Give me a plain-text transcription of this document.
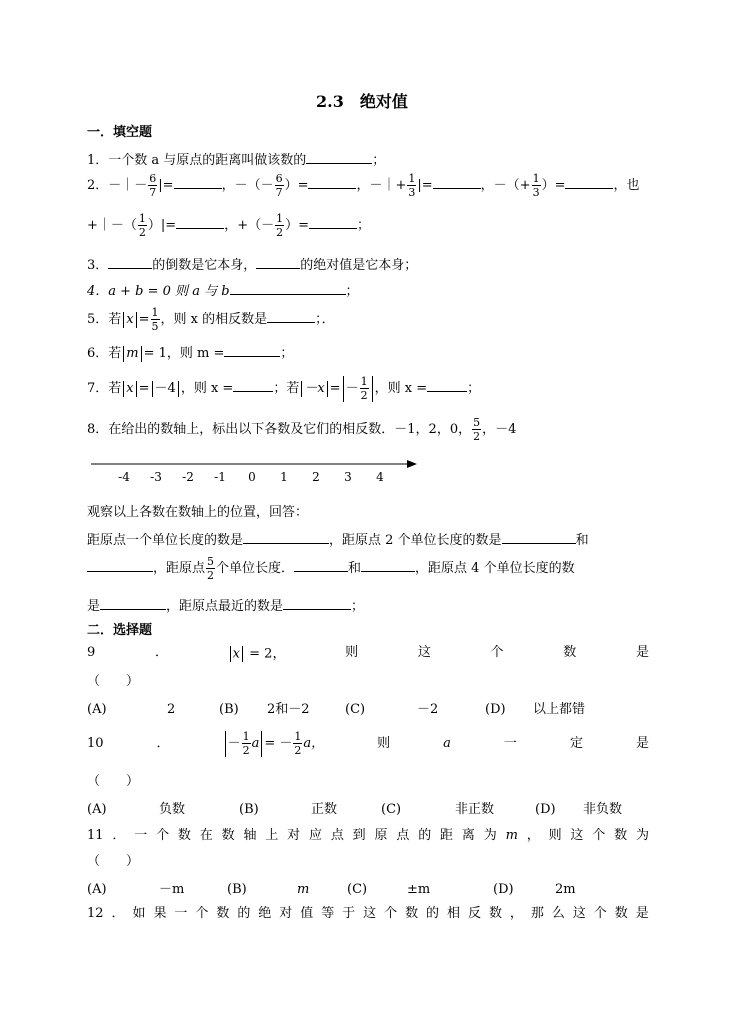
2.3　绝对值
一．填空题
1．一个数 a 与原点的距离叫做该数的	；
2．－｜－ $\frac{6}{7}$ |=	，－（－ $\frac{6}{7}$ ）=	，－｜+ $\frac{1}{3}$ |=	，－（+ $\frac{1}{3}$ ）=	，也
+｜－（ $\frac{1}{2}$ ）|=	，+（－ $\frac{1}{2}$ ）=	；
3．	的倒数是它本身，	的绝对值是它本身；
4．a + b = 0 则 a 与 b	；
5．若 $x = \frac{1}{5}$ ，则 x 的相反数是	；．
6．若 m = 1，则 m =	；
7．若 x = －4 ，则 x =	；若 －x = － $\frac{1}{2}$ ，则 x =	；
8．在给出的数轴上，标出以下各数及它们的相反数．－1，2，0， $\frac{5}{2}$ ，－4
-4 -3 -2 -1 0 1 2 3 4
观察以上各数在数轴上的位置，回答：
距原点一个单位长度的数是	，距原点 2 个单位长度的数是	和
，距原点 $\frac{5}{2}$ 个单位长度．	和	，距原点 4 个单位长度的数
是	，距原点最近的数是	；
二．选择题
9	．	x = 2，	则	这	个	数	是
（　　）
(A)	2	(B) 2和－2	(C)	－2	(D) 以上都错
10	．	－ $\frac{1}{2}$ a = － $\frac{1}{2}$ a，	则	a	一	定	是
（　　）
(A)	负数	(B)	正数	(C)	非正数	(D) 非负数
11 ． 一 个 数 在 数 轴 上 对 应 点 到 原 点 的 距 离 为 m ， 则 这 个 数 为
（　　）
(A)	－m	(B)	m	(C)	±m	(D)	2m
12 ． 如 果 一 个 数 的 绝 对 值 等 于 这 个 数 的 相 反 数 ， 那 么 这 个 数 是
